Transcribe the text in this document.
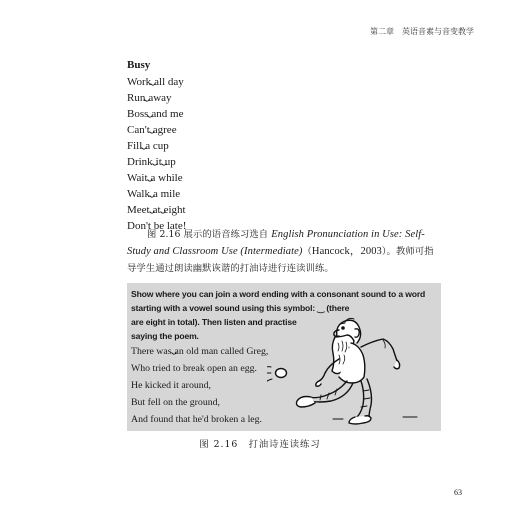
第二章　英语音素与音变教学
Busy
Work all day
Run away
Boss and me
Can't agree
Fill a cup
Drink it up
Wait a while
Walk a mile
Meet at eight
Don't be late!
图 2.16 展示的语音练习选自 English Pronunciation in Use: Self-Study and Classroom Use (Intermediate)（Hancock，2003）。教师可指导学生通过朗读幽默诙谐的打油诗进行连读训练。
Show where you can join a word ending with a consonant sound to a word
starting with a vowel sound using this symbol: ‿ (there
are eight in total). Then listen and practise
saying the poem.
There was an old man called Greg,
Who tried to break open an egg.
He kicked it around,
But fell on the ground,
And found that he'd broken a leg.
图 2.16　打油诗连读练习
63
